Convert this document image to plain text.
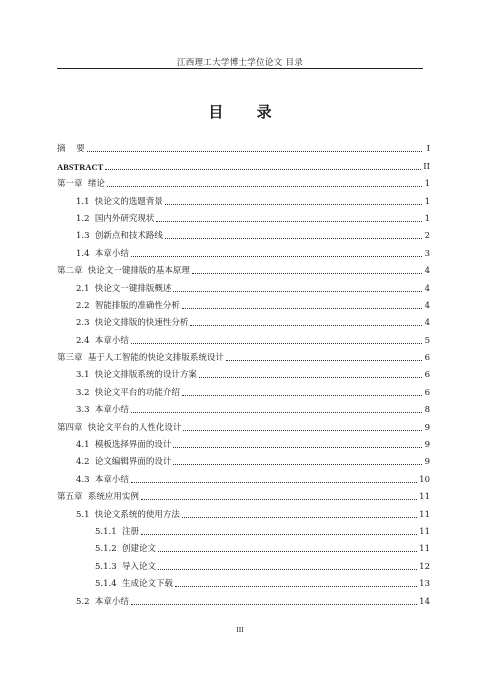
江西理工大学博士学位论文 目录
目 录
摘    要	I
ABSTRACT	II
第一章 绪论	1
1.1 快论文的选题背景	1
1.2 国内外研究现状	1
1.3 创新点和技术路线	2
1.4 本章小结	3
第二章 快论文一键排版的基本原理	4
2.1 快论文一键排版概述	4
2.2 智能排版的准确性分析	4
2.3 快论文排版的快速性分析	4
2.4 本章小结	5
第三章 基于人工智能的快论文排版系统设计	6
3.1 快论文排版系统的设计方案	6
3.2 快论文平台的功能介绍	6
3.3 本章小结	8
第四章 快论文平台的人性化设计	9
4.1 模板选择界面的设计	9
4.2 论文编辑界面的设计	9
4.3 本章小结	10
第五章 系统应用实例	11
5.1 快论文系统的使用方法	11
5.1.1 注册	11
5.1.2 创建论文	11
5.1.3 导入论文	12
5.1.4 生成论文下载	13
5.2 本章小结	14
III
